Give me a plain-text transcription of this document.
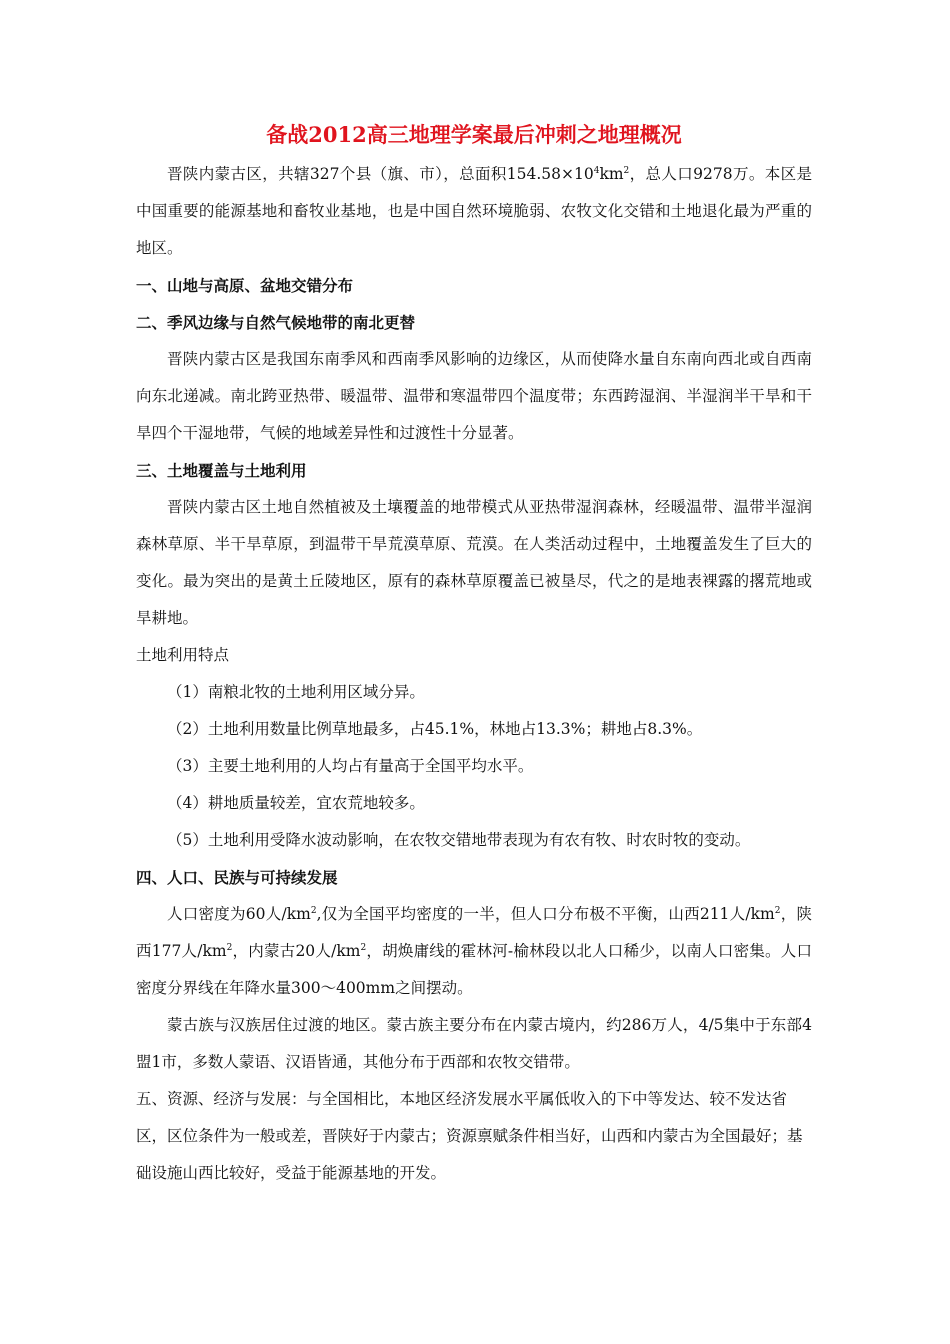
备战2012高三地理学案最后冲刺之地理概况

晋陕内蒙古区，共辖327个县（旗、市），总面积$154.58\times 10^4km^2$，总人口9278万。本区是中国重要的能源基地和畜牧业基地，也是中国自然环境脆弱、农牧文化交错和土地退化最为严重的地区。

一、山地与高原、盆地交错分布

二、季风边缘与自然气候地带的南北更替

晋陕内蒙古区是我国东南季风和西南季风影响的边缘区，从而使降水量自东南向西北或自西南向东北递减。南北跨亚热带、暖温带、温带和寒温带四个温度带；东西跨湿润、半湿润半干旱和干旱四个干湿地带，气候的地域差异性和过渡性十分显著。

三、土地覆盖与土地利用

晋陕内蒙古区土地自然植被及土壤覆盖的地带模式从亚热带湿润森林，经暖温带、温带半湿润森林草原、半干旱草原，到温带干旱荒漠草原、荒漠。在人类活动过程中，土地覆盖发生了巨大的变化。最为突出的是黄土丘陵地区，原有的森林草原覆盖已被垦尽，代之的是地表裸露的撂荒地或旱耕地。

土地利用特点

（1）南粮北牧的土地利用区域分异。

（2）土地利用数量比例草地最多，占45.1%，林地占13.3%；耕地占8.3%。

（3）主要土地利用的人均占有量高于全国平均水平。

（4）耕地质量较差，宜农荒地较多。

（5）土地利用受降水波动影响，在农牧交错地带表现为有农有牧、时农时牧的变动。

四、人口、民族与可持续发展

人口密度为60人$/km^2$,仅为全国平均密度的一半，但人口分布极不平衡，山西211人$/km^2$，陕西177人$/km^2$，内蒙古20人$/km^2$，胡焕庸线的霍林河-榆林段以北人口稀少，以南人口密集。人口密度分界线在年降水量300～400mm之间摆动。

蒙古族与汉族居住过渡的地区。蒙古族主要分布在内蒙古境内，约286万人，4/5集中于东部4盟1市，多数人蒙语、汉语皆通，其他分布于西部和农牧交错带。

五、资源、经济与发展：与全国相比，本地区经济发展水平属低收入的下中等发达、较不发达省区，区位条件为一般或差，晋陕好于内蒙古；资源禀赋条件相当好，山西和内蒙古为全国最好；基础设施山西比较好，受益于能源基地的开发。
